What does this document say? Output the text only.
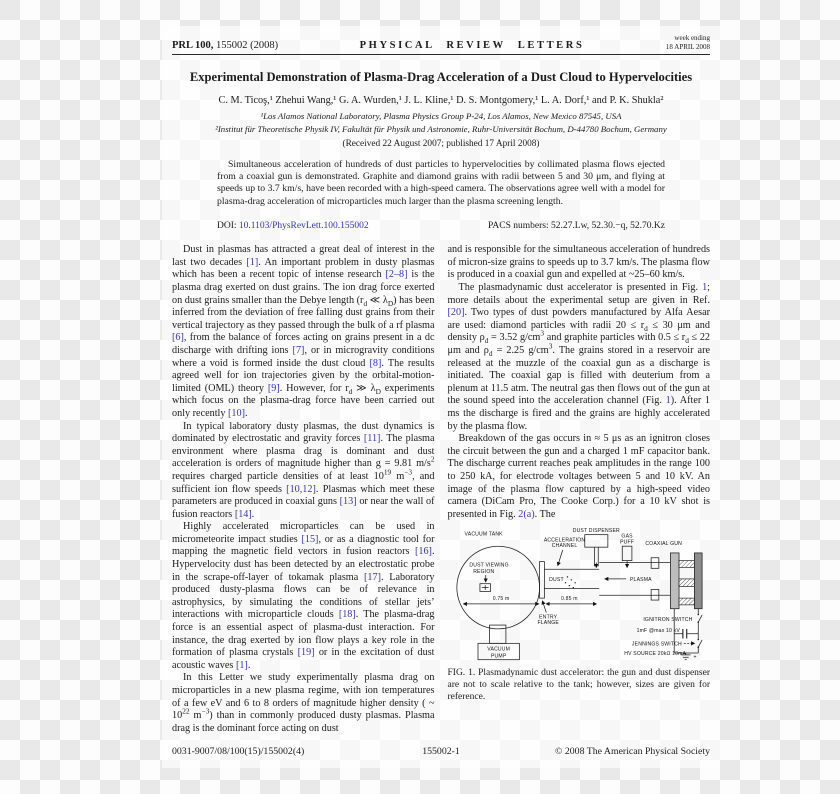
PRL 100, 155002 (2008)	PHYSICAL REVIEW LETTERS
week ending
18 APRIL 2008
Experimental Demonstration of Plasma-Drag Acceleration of a Dust Cloud to Hypervelocities
C. M. Ticoş,¹ Zhehui Wang,¹ G. A. Wurden,¹ J. L. Kline,¹ D. S. Montgomery,¹ L. A. Dorf,¹ and P. K. Shukla²
¹Los Alamos National Laboratory, Plasma Physics Group P-24, Los Alamos, New Mexico 87545, USA
²Institut für Theoretische Physik IV, Fakultät für Physik und Astronomie, Ruhr-Universität Bochum, D-44780 Bochum, Germany
(Received 22 August 2007; published 17 April 2008)
Simultaneous acceleration of hundreds of dust particles to hypervelocities by collimated plasma flows ejected from a coaxial gun is demonstrated. Graphite and diamond grains with radii between 5 and 30 μm, and flying at speeds up to 3.7 km/s, have been recorded with a high-speed camera. The observations agree well with a model for plasma-drag acceleration of microparticles much larger than the plasma screening length.
DOI: 10.1103/PhysRevLett.100.155002	PACS numbers: 52.27.Lw, 52.30.−q, 52.70.Kz

Dust in plasmas has attracted a great deal of interest in the last two decades [1]. An important problem in dusty plasmas which has been a recent topic of intense research [2–8] is the plasma drag exerted on dust grains. The ion drag force exerted on dust grains smaller than the Debye length ($r_d$ ≪ $\lambda_D$) has been inferred from the deviation of free falling dust grains from their vertical trajectory as they passed through the bulk of a rf plasma [6], from the balance of forces acting on grains present in a dc discharge with drifting ions [7], or in microgravity conditions where a void is formed inside the dust cloud [8]. The results agreed well for ion trajectories given by the orbital-motion-limited (OML) theory [9]. However, for $r_d$ ≫ $\lambda_D$ experiments which focus on the plasma-drag force have been carried out only recently [10].

In typical laboratory dusty plasmas, the dust dynamics is dominated by electrostatic and gravity forces [11]. The plasma environment where plasma drag is dominant and dust acceleration is orders of magnitude higher than g = 9.81 $m/s^2$ requires charged particle densities of at least $10^{19}$ $m^{-3}$, and sufficient ion flow speeds [10,12]. Plasmas which meet these parameters are produced in coaxial guns [13] or near the wall of fusion reactors [14].

Highly accelerated microparticles can be used in micrometeorite impact studies [15], or as a diagnostic tool for mapping the magnetic field vectors in fusion reactors [16]. Hypervelocity dust has been detected by an electrostatic probe in the scrape-off-layer of tokamak plasma [17]. Laboratory produced dusty-plasma flows can be of relevance in astrophysics, by simulating the conditions of stellar jets’ interactions with microparticle clouds [18]. The plasma-drag force is an essential aspect of plasma-dust interaction. For instance, the drag exerted by ion flow plays a key role in the formation of plasma crystals [19] or in the excitation of dust acoustic waves [1].

In this Letter we study experimentally plasma drag on microparticles in a new plasma regime, with ion temperatures of a few eV and 6 to 8 orders of magnitude higher density ( ~ $10^{22}$ $m^{-3}$) than in commonly produced dusty plasmas. Plasma drag is the dominant force acting on dust

and is responsible for the simultaneous acceleration of hundreds of micron-size grains to speeds up to 3.7 km/s. The plasma flow is produced in a coaxial gun and expelled at ~25–60 km/s.

The plasmadynamic dust accelerator is presented in Fig. 1; more details about the experimental setup are given in Ref. [20]. Two types of dust powders manufactured by Alfa Aesar are used: diamond particles with radii $20 \le r_d \le 30$ μm and density $\rho_d = 3.52$ $g/cm^3$ and graphite particles with $0.5 \le r_d \le 22$ μm and $\rho_d = 2.25$ $g/cm^3$. The grains stored in a reservoir are released at the muzzle of the coaxial gun as a discharge is initiated. The coaxial gap is filled with deuterium from a plenum at 11.5 atm. The neutral gas then flows out of the gun at the sound speed into the acceleration channel (Fig. 1). After 1 ms the discharge is fired and the grains are highly accelerated by the plasma flow.

Breakdown of the gas occurs in ≈ 5 μs as an ignitron closes the circuit between the gun and a charged 1 mF capacitor bank. The discharge current reaches peak amplitudes in the range 100 to 250 kA, for electrode voltages between 5 and 10 kV. An image of the plasma flow captured by a high-speed video camera (DiCam Pro, The Cooke Corp.) for a 10 kV shot is presented in Fig. 2(a). The

VACUUM TANK
DUST VIEWING
REGION
VACUUM
PUMP
DUST
ACCELERATION
CHANNEL
DUST DISPENSER
GAS
PUFF COAXIAL GUN
PLASMA
0.75 m	0.85 m
ENTRY
FLANGE	IGNITRON SWITCH
1mF @max 10 kV
JENNINGS SWITCH
HV SOURCE 20kΩ 10mA
+
FIG. 1. Plasmadynamic dust accelerator: the gun and dust dispenser are not to scale relative to the tank; however, sizes are given for reference.
0031-9007/08/100(15)/155002(4)	155002-1	© 2008 The American Physical Society
